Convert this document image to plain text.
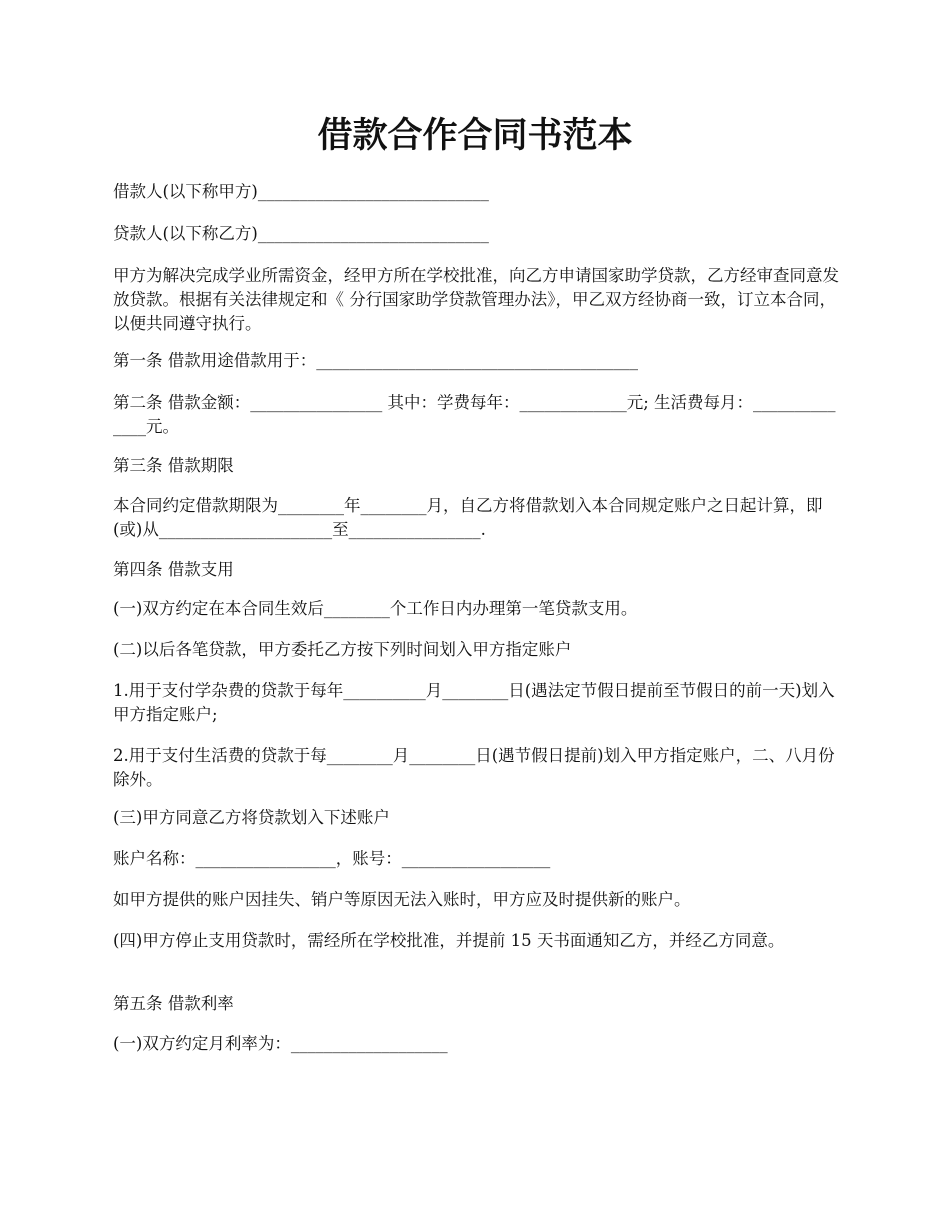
借款合作合同书范本

借款人(以下称甲方)____________________________

贷款人(以下称乙方)____________________________

甲方为解决完成学业所需资金，经甲方所在学校批准，向乙方申请国家助学贷款，乙方经审查同意发放贷款。根据有关法律规定和《 分行国家助学贷款管理办法》，甲乙双方经协商一致，订立本合同，以便共同遵守执行。

第一条 借款用途借款用于：_______________________________________

第二条 借款金额：________________ 其中：学费每年：_____________元; 生活费每月：______________元。

第三条 借款期限

本合同约定借款期限为________年________月，自乙方将借款划入本合同规定账户之日起计算，即(或)从_____________________至________________.

第四条 借款支用

(一)双方约定在本合同生效后________个工作日内办理第一笔贷款支用。

(二)以后各笔贷款，甲方委托乙方按下列时间划入甲方指定账户

1.用于支付学杂费的贷款于每年__________月________日(遇法定节假日提前至节假日的前一天)划入甲方指定账户;

2.用于支付生活费的贷款于每________月________日(遇节假日提前)划入甲方指定账户，二、八月份除外。

(三)甲方同意乙方将贷款划入下述账户

账户名称：_________________，账号：__________________

如甲方提供的账户因挂失、销户等原因无法入账时，甲方应及时提供新的账户。

(四)甲方停止支用贷款时，需经所在学校批准，并提前 15 天书面通知乙方，并经乙方同意。

第五条 借款利率

(一)双方约定月利率为：___________________
